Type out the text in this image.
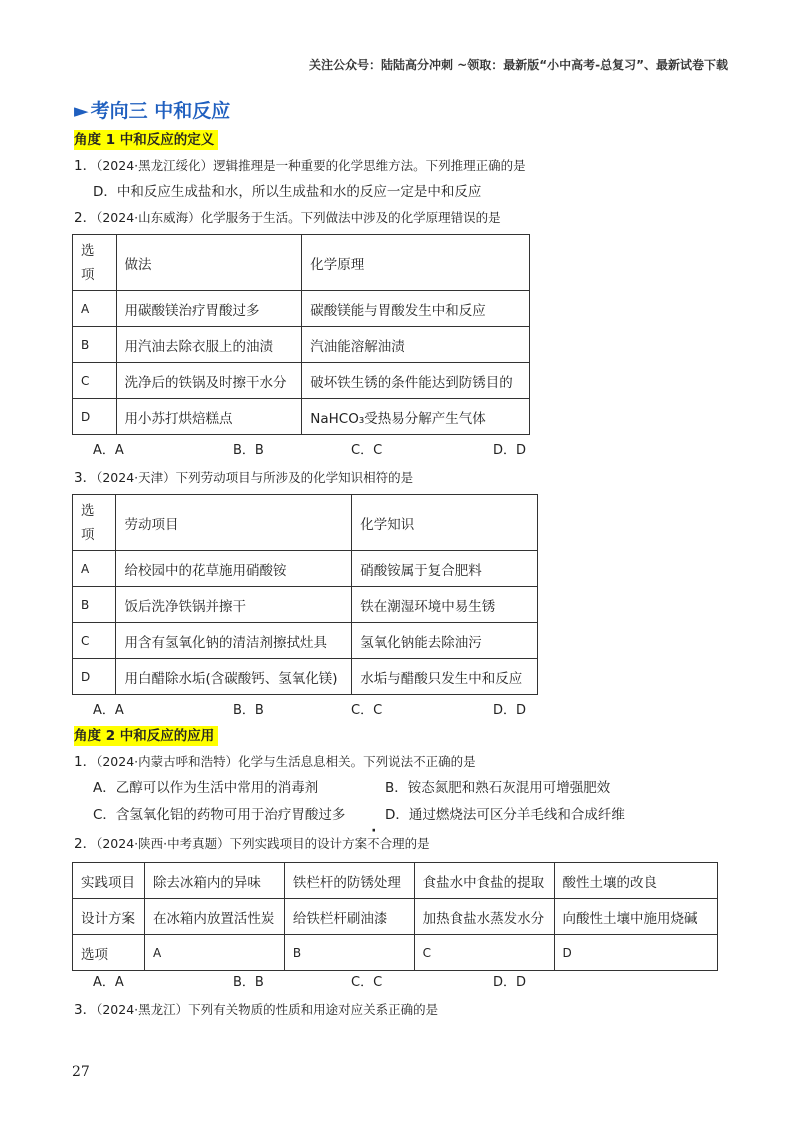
关注公众号：陆陆高分冲刺 ~领取：最新版“小中高考-总复习”、最新试卷下载
► 考向三 中和反应
角度 1 中和反应的定义
1．（2024·黑龙江绥化）逻辑推理是一种重要的化学思维方法。下列推理正确的是
D．中和反应生成盐和水，所以生成盐和水的反应一定是中和反应
2．（2024·山东威海）化学服务于生活。下列做法中涉及的化学原理错误的是
选项	做法	化学原理
A	用碳酸镁治疗胃酸过多	碳酸镁能与胃酸发生中和反应
B	用汽油去除衣服上的油渍	汽油能溶解油渍
C	洗净后的铁锅及时擦干水分	破坏铁生锈的条件能达到防锈目的
D	用小苏打烘焙糕点	NaHCO₃受热易分解产生气体
A．A	B．B	C．C	D．D
3．（2024·天津）下列劳动项目与所涉及的化学知识相符的是
选项	劳动项目	化学知识
A	给校园中的花草施用硝酸铵	硝酸铵属于复合肥料
B	饭后洗净铁锅并擦干	铁在潮湿环境中易生锈
C	用含有氢氧化钠的清洁剂擦拭灶具	氢氧化钠能去除油污
D	用白醋除水垢(含碳酸钙、氢氧化镁)	水垢与醋酸只发生中和反应
A．A	B．B	C．C	D．D
角度 2 中和反应的应用
1．（2024·内蒙古呼和浩特）化学与生活息息相关。下列说法不正确的是
A．乙醇可以作为生活中常用的消毒剂	B．铵态氮肥和熟石灰混用可增强肥效
C．含氢氧化铝的药物可用于治疗胃酸过多	D．通过燃烧法可区分羊毛线和合成纤维
2．（2024·陕西·中考真题）下列实践项目的设计方案不合理的是
实践项目	除去冰箱内的异味	铁栏杆的防锈处理	食盐水中食盐的提取	酸性土壤的改良
设计方案	在冰箱内放置活性炭	给铁栏杆刷油漆	加热食盐水蒸发水分	向酸性土壤中施用烧碱
选项	A	B	C	D
A．A	B．B	C．C	D．D
3．（2024·黑龙江）下列有关物质的性质和用途对应关系正确的是
27
